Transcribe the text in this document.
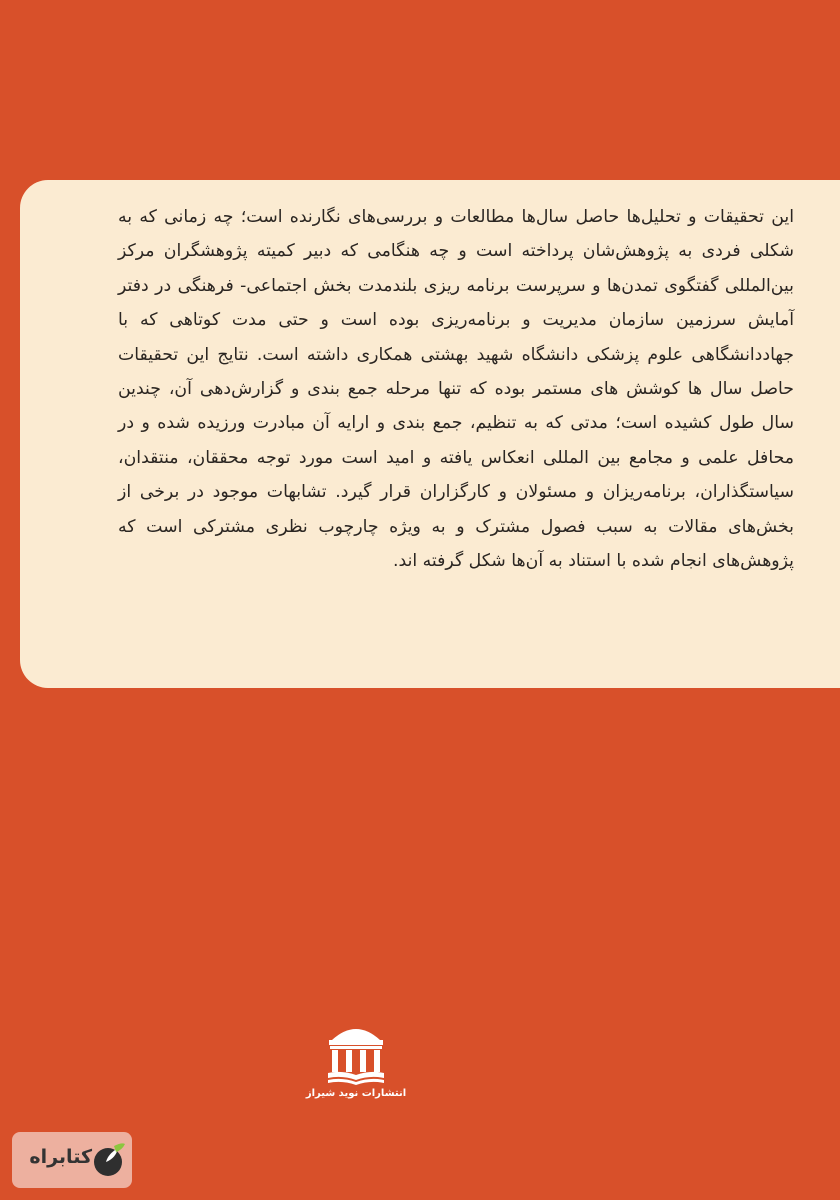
این تحقیقات و تحلیل‌ها حاصل سال‌ها مطالعات و بررسی‌های نگارنده است؛ چه زمانی که به شکلی فردی به پژوهش‌شان پرداخته است و چه هنگامی که دبیر کمیته پژوهشگران مرکز بین‌المللی گفتگوی تمدن‌ها و سرپرست برنامه ریزی بلندمدت بخش اجتماعی- فرهنگی در دفتر آمایش سرزمین سازمان مدیریت و برنامه‌ریزی بوده است و حتی مدت کوتاهی که با جهاددانشگاهی علوم پزشکی دانشگاه شهید بهشتی همکاری داشته است. نتایج این تحقیقات حاصل سال ها کوشش های مستمر بوده که تنها مرحله جمع بندی و گزارش‌دهی آن، چندین سال طول کشیده است؛ مدتی که به تنظیم، جمع بندی و ارایه آن مبادرت ورزیده شده و در محافل علمی و مجامع بین المللی انعکاس یافته و امید است مورد توجه محققان، منتقدان، سیاستگذاران، برنامه‌ریزان و مسئولان و کارگزاران قرار گیرد. تشابهات موجود در برخی از بخش‌های مقالات به سبب فصول مشترک و به ویژه چارچوب نظری مشترکی است که پژوهش‌های انجام شده با استناد به آن‌ها شکل گرفته اند.

انتشارات نوید شیراز
کتابراه
